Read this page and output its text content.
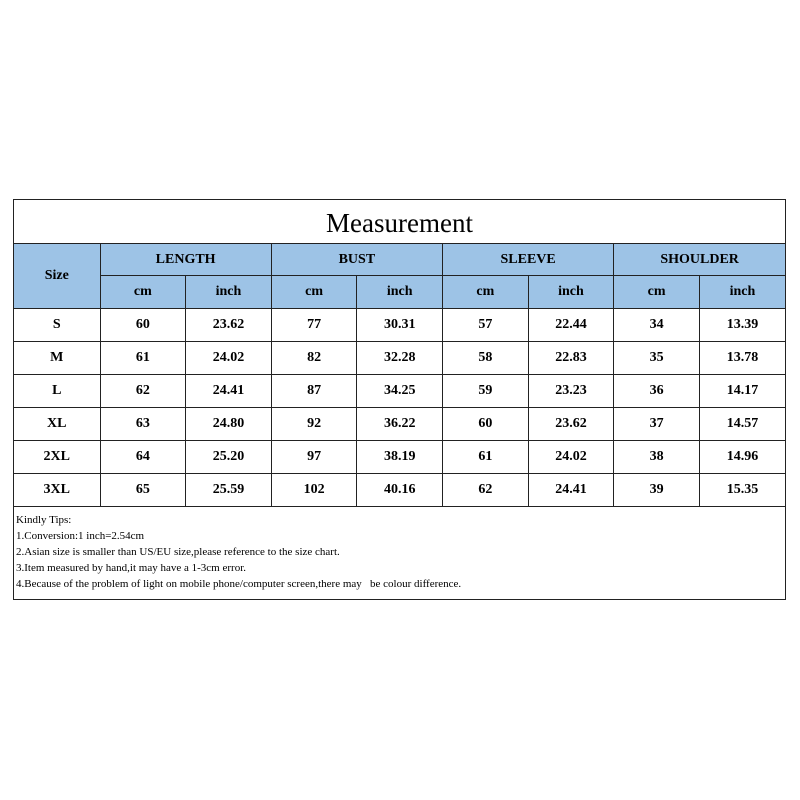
Measurement
Size	LENGTH		BUST		SLEEVE		SHOULDER	
	cm	inch	cm	inch	cm	inch	cm	inch
S	60	23.62	77	30.31	57	22.44	34	13.39
M	61	24.02	82	32.28	58	22.83	35	13.78
L	62	24.41	87	34.25	59	23.23	36	14.17
XL	63	24.80	92	36.22	60	23.62	37	14.57
2XL	64	25.20	97	38.19	61	24.02	38	14.96
3XL	65	25.59	102	40.16	62	24.41	39	15.35
Kindly Tips:
1.Conversion:1 inch=2.54cm
2.Asian size is smaller than US/EU size,please reference to the size chart.
3.Item measured by hand,it may have a 1-3cm error.
4.Because of the problem of light on mobile phone/computer screen,there may   be colour difference.
